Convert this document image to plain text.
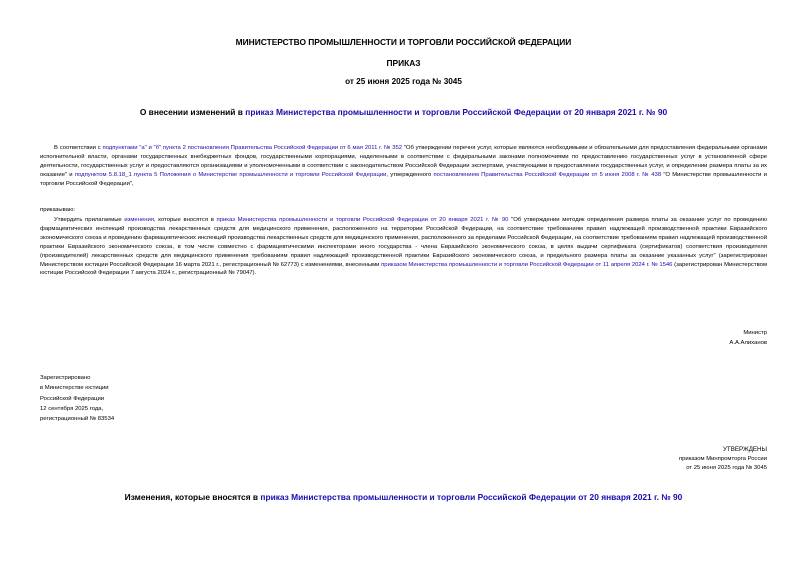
МИНИСТЕРСТВО ПРОМЫШЛЕННОСТИ И ТОРГОВЛИ РОССИЙСКОЙ ФЕДЕРАЦИИ
ПРИКАЗ
от 25 июня 2025 года № 3045
О внесении изменений в приказ Министерства промышленности и торговли Российской Федерации от 20 января 2021 г. № 90
В соответствии с подпунктами "а" и "б" пункта 2 постановления Правительства Российской Федерации от 6 мая 2011 г. № 352 "Об утверждении перечня услуг, которые являются необходимыми и обязательными для предоставления федеральными органами исполнительной власти, органами государственных внебюджетных фондов, государственными корпорациями, наделенными в соответствии с федеральными законами полномочиями по предоставлению государственных услуг в установленной сфере деятельности, государственных услуг и предоставляются организациями и уполномоченными в соответствии с законодательством Российской Федерации экспертами, участвующими в предоставлении государственных услуг, и определении размера платы за их оказание" и подпунктом 5.8.18_1 пункта 5 Положения о Министерстве промышленности и торговли Российской Федерации, утвержденного постановлением Правительства Российской Федерации от 5 июня 2008 г. № 438 "О Министерстве промышленности и торговли Российской Федерации",
приказываю:
Утвердить прилагаемые изменения, которые вносятся в приказ Министерства промышленности и торговли Российской Федерации от 20 января 2021 г. № 90 "Об утверждении методик определения размера платы за оказание услуг по проведению фармацевтических инспекций производства лекарственных средств для медицинского применения, расположенного на территории Российской Федерации, на соответствие требованиям правил надлежащей производственной практики Евразийского экономического союза и проведению фармацевтических инспекций производства лекарственных средств для медицинского применения, расположенного за пределами Российской Федерации, на соответствие требованиям правил надлежащей производственной практики Евразийского экономического союза, в том числе совместно с фармацевтическими инспекторами иного государства - члена Евразийского экономического союза, в целях выдачи сертификата (сертификатов) соответствия производителя (производителей) лекарственных средств для медицинского применения требованиям правил надлежащей производственной практики Евразийского экономического союза, и предельного размера платы за оказание указанных услуг" (зарегистрирован Министерством юстиции Российской Федерации 16 марта 2021 г., регистрационный № 62773) с изменениями, внесенными приказом Министерства промышленности и торговли Российской Федерации от 11 апреля 2024 г. № 1546 (зарегистрирован Министерством юстиции Российской Федерации 7 августа 2024 г., регистрационный № 79047).
Министр
А.А.Алиханов
Зарегистрировано
в Министерстве юстиции
Российской Федерации
12 сентября 2025 года,
регистрационный № 83534
УТВЕРЖДЕНЫ
приказом Минпромторга России
от 25 июня 2025 года № 3045
Изменения, которые вносятся в приказ Министерства промышленности и торговли Российской Федерации от 20 января 2021 г. № 90
